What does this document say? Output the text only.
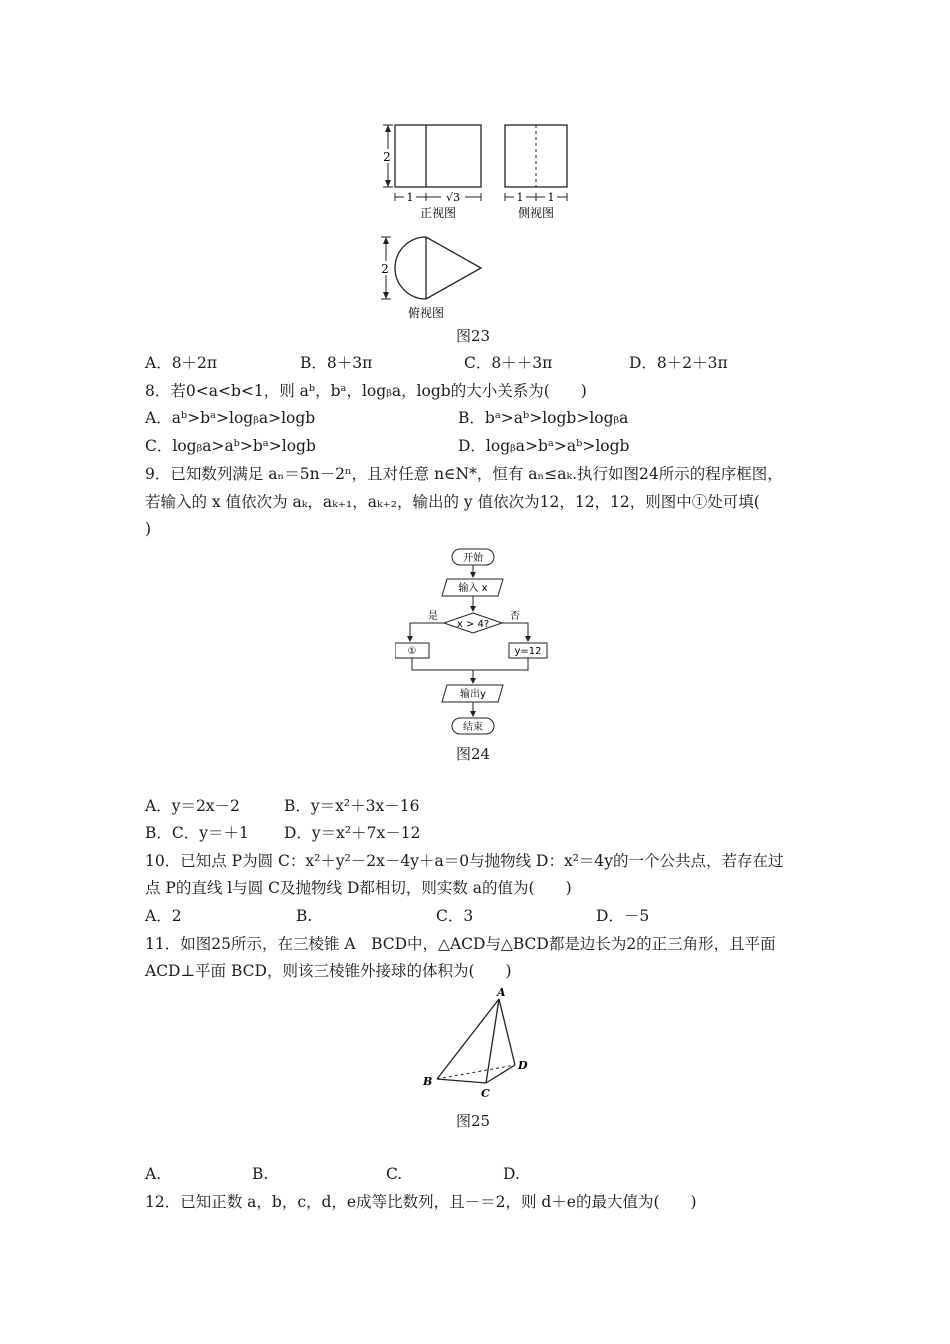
2
1	√3
正视图
1 1
侧视图
2
俯视图
图23
A．8＋2π	B．8＋3π	C．8＋＋3π	D．8＋2＋3π
8．若0<a<b<1，则 aᵇ，bᵃ，logᵦa，logb的大小关系为(　　)
A．aᵇ>bᵃ>logᵦa>logb	B．bᵃ>aᵇ>logb>logᵦa
C．logᵦa>aᵇ>bᵃ>logb	D．logᵦa>bᵃ>aᵇ>logb
9．已知数列满足 aₙ＝5n－2ⁿ，且对任意 n∈N*，恒有 aₙ≤aₖ.执行如图24所示的程序框图，
若输入的 x 值依次为 aₖ，aₖ₊₁，aₖ₊₂，输出的 y 值依次为12，12，12，则图中①处可填(
)
开始
输入 x
x > 4?
是	否
①	y=12
输出y
结束
图24
A．y＝2x－2	B．y＝x²＋3x－16
B．C．y＝＋1 D．y＝x²＋7x－12
10．已知点 P为圆 C：x²＋y²－2x－4y＋a＝0与抛物线 D：x²＝4y的一个公共点，若存在过
点 P的直线 l与圆 C及抛物线 D都相切，则实数 a的值为(　　)
A．2	B.	C．3	D．－5
11．如图25所示，在三棱锥 A　BCD中，△ACD与△BCD都是边长为2的正三角形，且平面
ACD⊥平面 BCD，则该三棱锥外接球的体积为(　　)
A
B
C
D
图25
A.	B.	C.	D.
12．已知正数 a，b，c，d，e成等比数列，且－＝2，则 d＋e的最大值为(　　)
